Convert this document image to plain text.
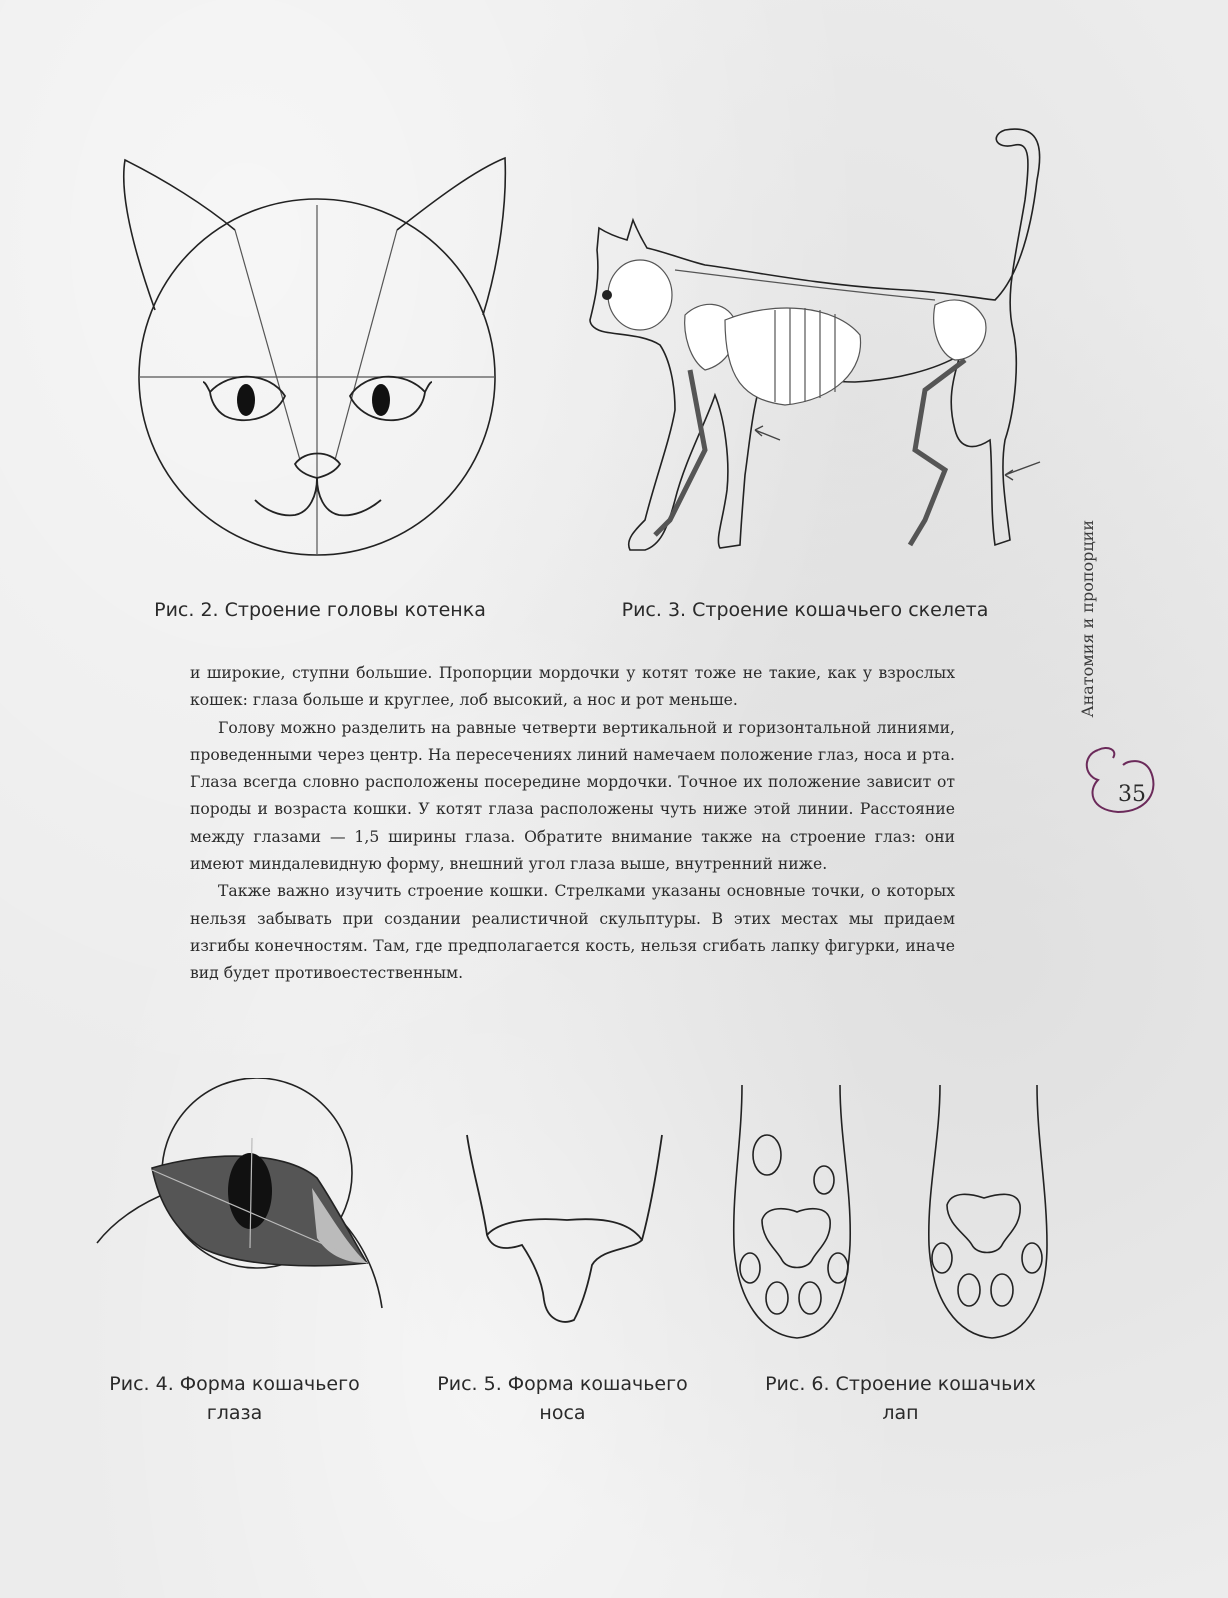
Рис. 2. Строение головы котенка	Рис. 3. Строение кошачьего скелета

и широкие, ступни большие. Пропорции мордочки у котят тоже не такие, как у взрослых кошек: глаза больше и круглее, лоб высокий, а нос и рот меньше.

Голову можно разделить на равные четверти вертикальной и горизонтальной линиями, проведенными через центр. На пересечениях линий намечаем положение глаз, носа и рта. Глаза всегда словно расположены посередине мордочки. Точное их положение зависит от породы и возраста кошки. У котят глаза расположены чуть ниже этой линии. Расстояние между глазами — 1,5 ширины глаза. Обратите внимание также на строение глаз: они имеют миндалевидную форму, внешний угол глаза выше, внутренний ниже.

Также важно изучить строение кошки. Стрелками указаны основные точки, о которых нельзя забывать при создании реалистичной скульптуры. В этих местах мы придаем изгибы конечностям. Там, где предполагается кость, нельзя сгибать лапку фигурки, иначе вид будет противоестественным.

Рис. 4. Форма кошачьего глаза
Рис. 5. Форма кошачьего носа
Рис. 6. Строение кошачьих лап
Анатомия и пропорции
35
